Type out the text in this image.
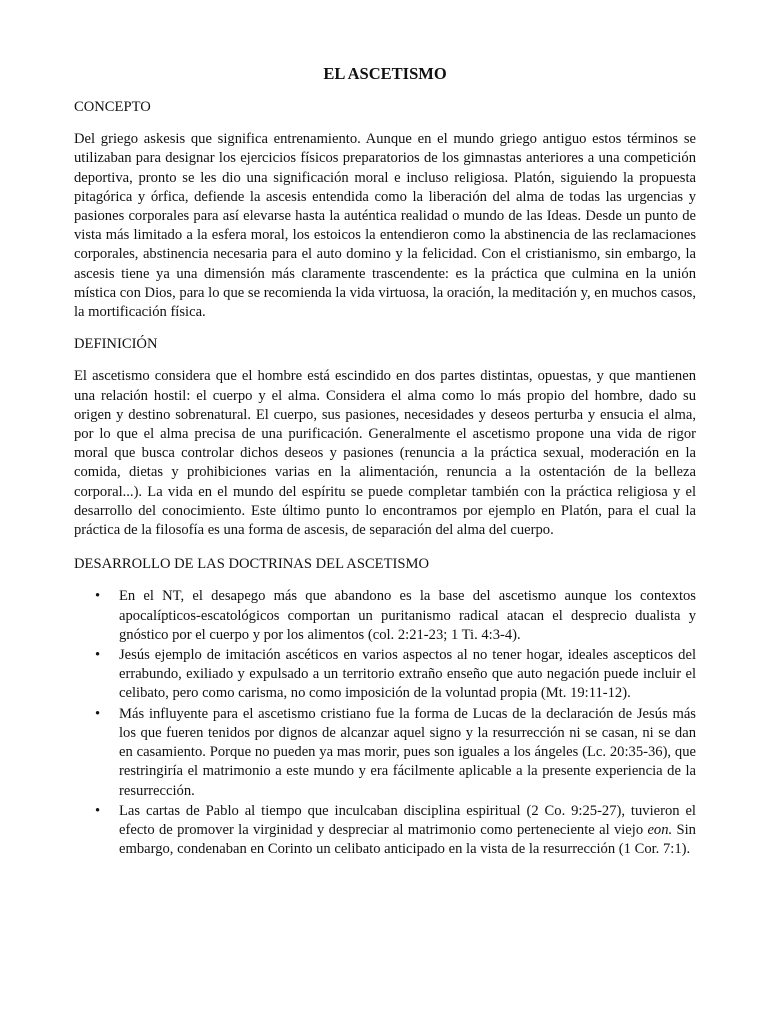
EL ASCETISMO
CONCEPTO
Del griego askesis que significa entrenamiento. Aunque en el mundo griego antiguo estos términos se utilizaban para designar los ejercicios físicos preparatorios de los gimnastas anteriores a una competición deportiva, pronto se les dio una significación moral e incluso religiosa. Platón, siguiendo la propuesta pitagórica y órfica, defiende la ascesis entendida como la liberación del alma de todas las urgencias y pasiones corporales para así elevarse hasta la auténtica realidad o mundo de las Ideas. Desde un punto de vista más limitado a la esfera moral, los estoicos la entendieron como la abstinencia de las reclamaciones corporales, abstinencia necesaria para el auto domino y la felicidad. Con el cristianismo, sin embargo, la ascesis tiene ya una dimensión más claramente trascendente: es la práctica que culmina en la unión mística con Dios, para lo que se recomienda la vida virtuosa, la oración, la meditación y, en muchos casos, la mortificación física.
DEFINICIÓN
El ascetismo considera que el hombre está escindido en dos partes distintas, opuestas, y que mantienen una relación hostil: el cuerpo y el alma. Considera el alma como lo más propio del hombre, dado su origen y destino sobrenatural. El cuerpo, sus pasiones, necesidades y deseos perturba y ensucia el alma, por lo que el alma precisa de una purificación. Generalmente el ascetismo propone una vida de rigor moral que busca controlar dichos deseos y pasiones (renuncia a la práctica sexual, moderación en la comida, dietas y prohibiciones varias en la alimentación, renuncia a la ostentación de la belleza corporal...). La vida en el mundo del espíritu se puede completar también con la práctica religiosa y el desarrollo del conocimiento. Este último punto lo encontramos por ejemplo en Platón, para el cual la práctica de la filosofía es una forma de ascesis, de separación del alma del cuerpo.
DESARROLLO DE LAS DOCTRINAS DEL ASCETISMO
• En el NT, el desapego más que abandono es la base del ascetismo aunque los contextos apocalípticos-escatológicos comportan un puritanismo radical atacan el desprecio dualista y gnóstico por el cuerpo y por los alimentos (col. 2:21-23; 1 Ti. 4:3-4).
• Jesús ejemplo de imitación ascéticos en varios aspectos al no tener hogar, ideales ascepticos del errabundo, exiliado y expulsado a un territorio extraño enseño que auto negación puede incluir el celibato, pero como carisma, no como imposición de la voluntad propia (Mt. 19:11-12).
• Más influyente para el ascetismo cristiano fue la forma de Lucas de la declaración de Jesús más los que fueren tenidos por dignos de alcanzar aquel signo y la resurrección ni se casan, ni se dan en casamiento. Porque no pueden ya mas morir, pues son iguales a los ángeles (Lc. 20:35-36), que restringiría el matrimonio a este mundo y era fácilmente aplicable a la presente experiencia de la resurrección.
• Las cartas de Pablo al tiempo que inculcaban disciplina espiritual (2 Co. 9:25-27), tuvieron el efecto de promover la virginidad y despreciar al matrimonio como perteneciente al viejo eon. Sin embargo, condenaban en Corinto un celibato anticipado en la vista de la resurrección (1 Cor. 7:1).
